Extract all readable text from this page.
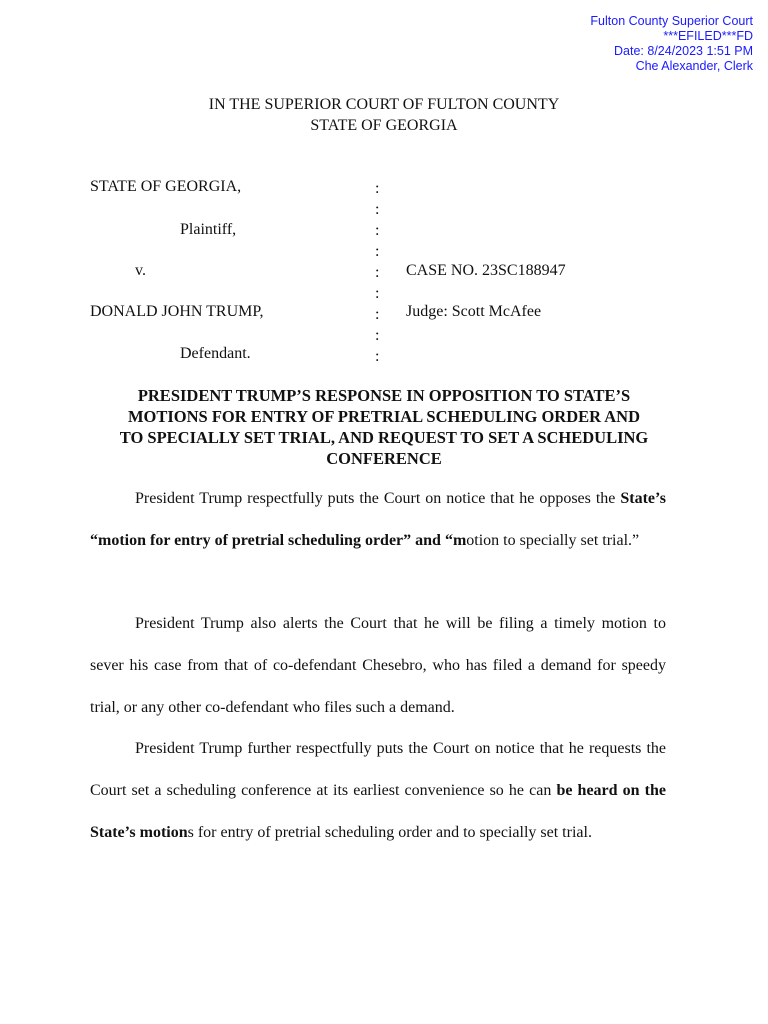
Fulton County Superior Court
***EFILED***FD
Date: 8/24/2023 1:51 PM
Che Alexander, Clerk
IN THE SUPERIOR COURT OF FULTON COUNTY
STATE OF GEORGIA
STATE OF GEORGIA,
Plaintiff,
v.
DONALD JOHN TRUMP,
Defendant.
CASE NO. 23SC188947
Judge: Scott McAfee
:
:
:
:
:
:
:
:
:
PRESIDENT TRUMP’S RESPONSE IN OPPOSITION TO STATE’S
MOTIONS FOR ENTRY OF PRETRIAL SCHEDULING ORDER AND
TO SPECIALLY SET TRIAL, AND REQUEST TO SET A SCHEDULING
CONFERENCE
President Trump respectfully puts the Court on notice that he opposes the State’s “motion for entry of pretrial scheduling order” and “motion to specially set trial.”
President Trump also alerts the Court that he will be filing a timely motion to sever his case from that of co-defendant Chesebro, who has filed a demand for speedy trial, or any other co-defendant who files such a demand.
President Trump further respectfully puts the Court on notice that he requests the Court set a scheduling conference at its earliest convenience so he can be heard on the State’s motions for entry of pretrial scheduling order and to specially set trial.
